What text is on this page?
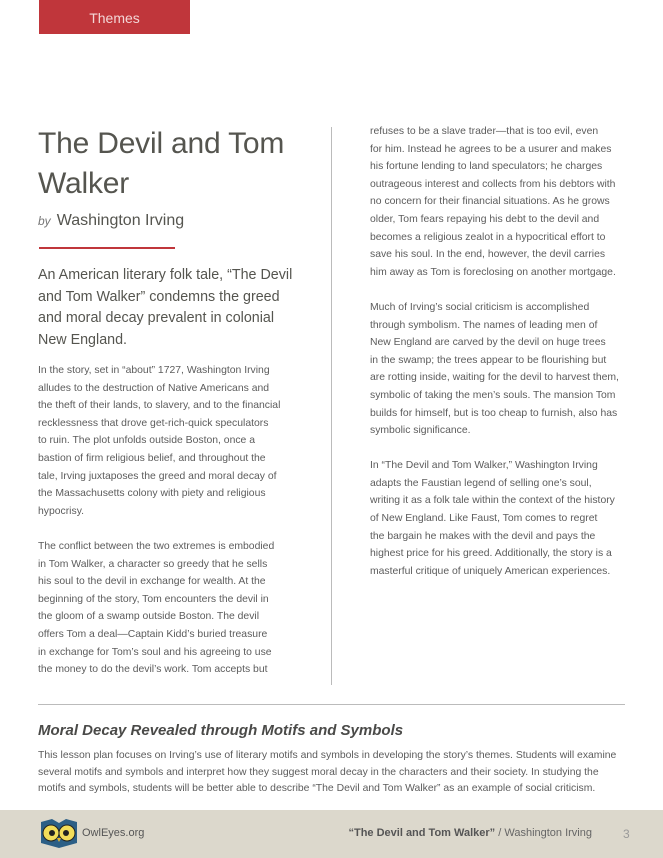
Themes
The Devil and Tom Walker
by Washington Irving

An American literary folk tale, “The Devil
and Tom Walker” condemns the greed
and moral decay prevalent in colonial
New England.

In the story, set in “about” 1727, Washington Irving
alludes to the destruction of Native Americans and
the theft of their lands, to slavery, and to the financial
recklessness that drove get-rich-quick speculators
to ruin. The plot unfolds outside Boston, once a
bastion of firm religious belief, and throughout the
tale, Irving juxtaposes the greed and moral decay of
the Massachusetts colony with piety and religious
hypocrisy.

The conflict between the two extremes is embodied
in Tom Walker, a character so greedy that he sells
his soul to the devil in exchange for wealth. At the
beginning of the story, Tom encounters the devil in
the gloom of a swamp outside Boston. The devil
offers Tom a deal—Captain Kidd’s buried treasure
in exchange for Tom’s soul and his agreeing to use
the money to do the devil’s work. Tom accepts but

refuses to be a slave trader—that is too evil, even
for him. Instead he agrees to be a usurer and makes
his fortune lending to land speculators; he charges
outrageous interest and collects from his debtors with
no concern for their financial situations. As he grows
older, Tom fears repaying his debt to the devil and
becomes a religious zealot in a hypocritical effort to
save his soul. In the end, however, the devil carries
him away as Tom is foreclosing on another mortgage.

Much of Irving’s social criticism is accomplished
through symbolism. The names of leading men of
New England are carved by the devil on huge trees
in the swamp; the trees appear to be flourishing but
are rotting inside, waiting for the devil to harvest them,
symbolic of taking the men’s souls. The mansion Tom
builds for himself, but is too cheap to furnish, also has
symbolic significance.

In “The Devil and Tom Walker,” Washington Irving
adapts the Faustian legend of selling one’s soul,
writing it as a folk tale within the context of the history
of New England. Like Faust, Tom comes to regret
the bargain he makes with the devil and pays the
highest price for his greed. Additionally, the story is a
masterful critique of uniquely American experiences.

Moral Decay Revealed through Motifs and Symbols

This lesson plan focuses on Irving’s use of literary motifs and symbols in developing the story’s themes. Students will examine
several motifs and symbols and interpret how they suggest moral decay in the characters and their society. In studying the
motifs and symbols, students will be better able to describe “The Devil and Tom Walker” as an example of social criticism.

OwlEyes.org	“The Devil and Tom Walker” / Washington Irving	3
